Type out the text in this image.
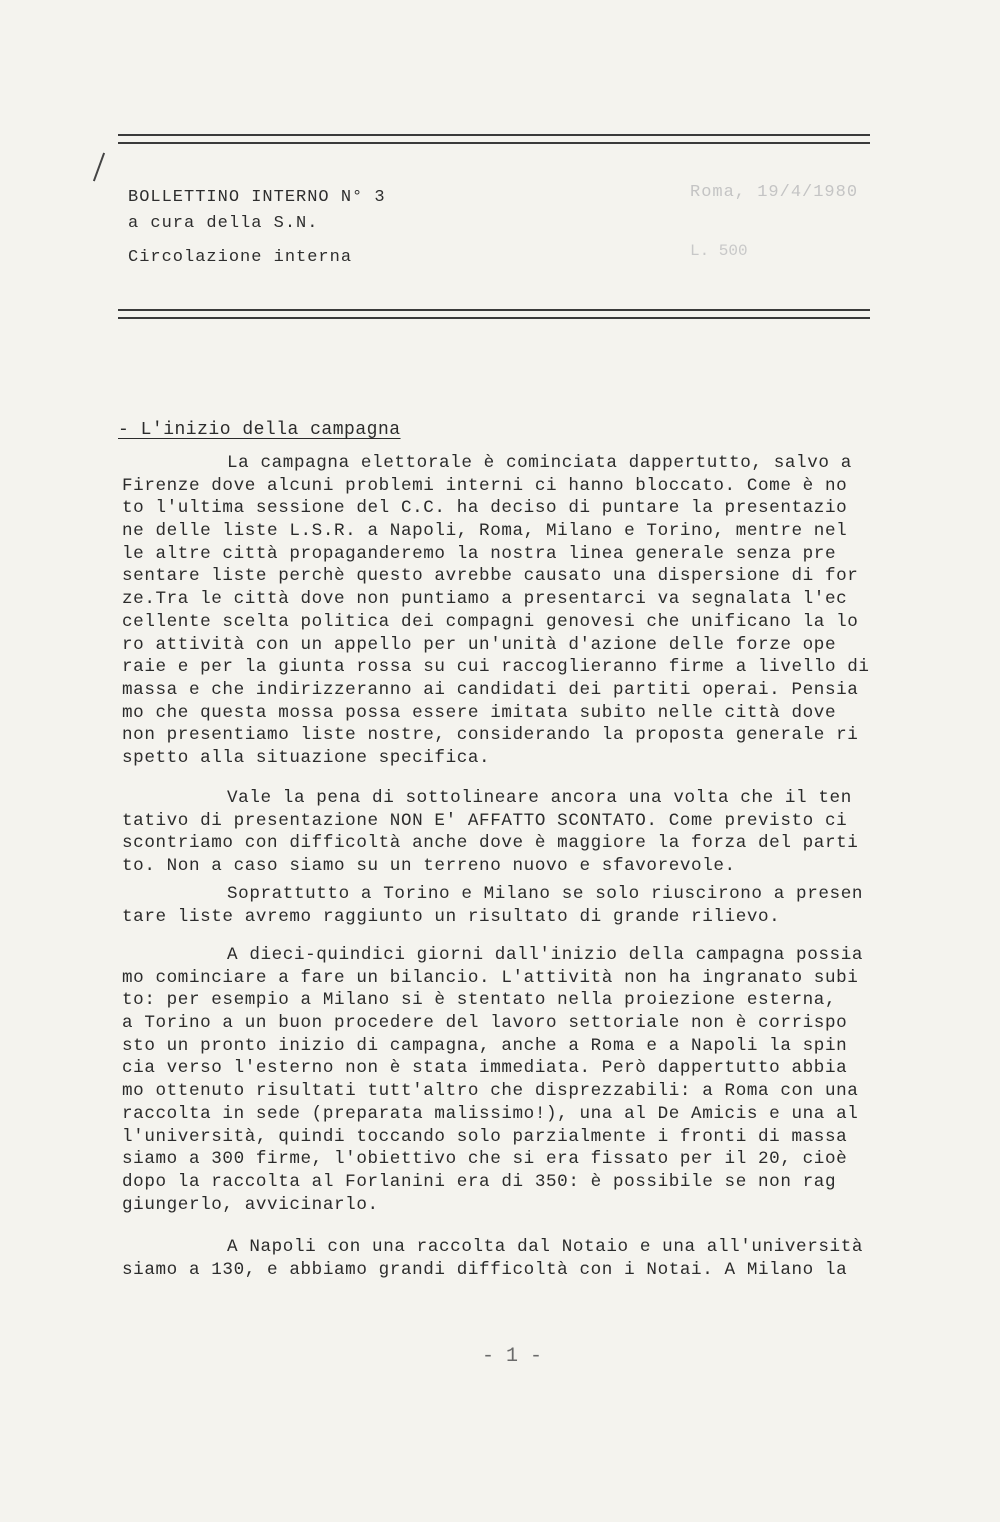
BOLLETTINO INTERNO N° 3
a cura della S.N.
Circolazione interna
Roma, 19/4/1980
L. 500
- L'inizio della campagna
La campagna elettorale è cominciata dappertutto, salvo a
Firenze dove alcuni problemi interni ci hanno bloccato. Come è no
to l'ultima sessione del C.C. ha deciso di puntare la presentazio
ne delle liste L.S.R. a Napoli, Roma, Milano e Torino, mentre nel
le altre città propaganderemo la nostra linea generale senza pre
sentare liste perchè questo avrebbe causato una dispersione di for
ze.Tra le città dove non puntiamo a presentarci va segnalata l'ec
cellente scelta politica dei compagni genovesi che unificano la lo
ro attività con un appello per un'unità d'azione delle forze ope
raie e per la giunta rossa su cui raccoglieranno firme a livello di
massa e che indirizzeranno ai candidati dei partiti operai. Pensia
mo che questa mossa possa essere imitata subito nelle città dove
non presentiamo liste nostre, considerando la proposta generale ri
spetto alla situazione specifica.
Vale la pena di sottolineare ancora una volta che il ten
tativo di presentazione NON E' AFFATTO SCONTATO. Come previsto ci
scontriamo con difficoltà anche dove è maggiore la forza del parti
to. Non a caso siamo su un terreno nuovo e sfavorevole.
Soprattutto a Torino e Milano se solo riuscirono a presen
tare liste avremo raggiunto un risultato di grande rilievo.
A dieci-quindici giorni dall'inizio della campagna possia
mo cominciare a fare un bilancio. L'attività non ha ingranato subi
to: per esempio a Milano si è stentato nella proiezione esterna,
a Torino a un buon procedere del lavoro settoriale non è corrispo
sto un pronto inizio di campagna, anche a Roma e a Napoli la spin
cia verso l'esterno non è stata immediata. Però dappertutto abbia
mo ottenuto risultati tutt'altro che disprezzabili: a Roma con una
raccolta in sede (preparata malissimo!), una al De Amicis e una al
l'università, quindi toccando solo parzialmente i fronti di massa
siamo a 300 firme, l'obiettivo che si era fissato per il 20, cioè
dopo la raccolta al Forlanini era di 350: è possibile se non rag
giungerlo, avvicinarlo.
A Napoli con una raccolta dal Notaio e una all'università
siamo a 130, e abbiamo grandi difficoltà con i Notai. A Milano la
- 1 -
